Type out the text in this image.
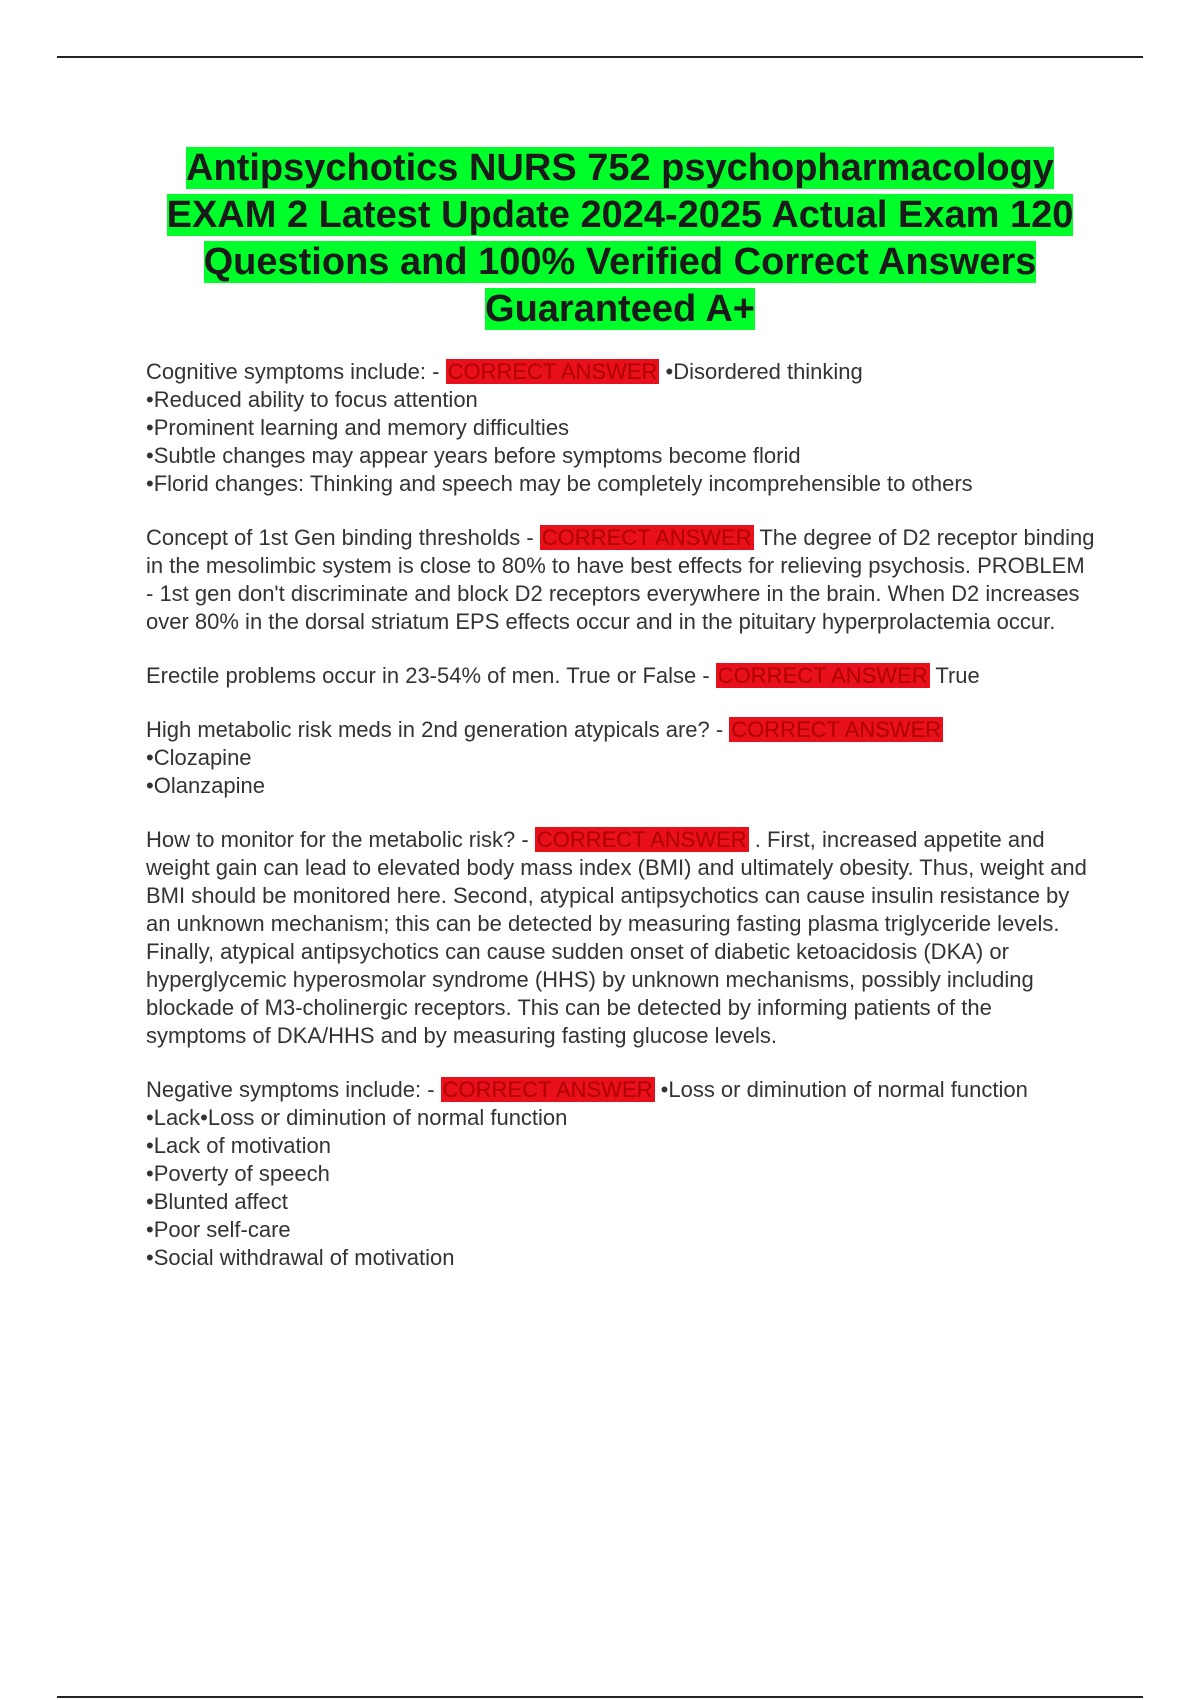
Antipsychotics NURS 752 psychopharmacology EXAM 2 Latest Update 2024-2025 Actual Exam 120 Questions and 100% Verified Correct Answers Guaranteed A+
Cognitive symptoms include: - CORRECT ANSWER •Disordered thinking
•Reduced ability to focus attention
•Prominent learning and memory difficulties
•Subtle changes may appear years before symptoms become florid
•Florid changes: Thinking and speech may be completely incomprehensible to others
Concept of 1st Gen binding thresholds - CORRECT ANSWER The degree of D2 receptor binding in the mesolimbic system is close to 80% to have best effects for relieving psychosis. PROBLEM - 1st gen don't discriminate and block D2 receptors everywhere in the brain. When D2 increases over 80% in the dorsal striatum EPS effects occur and in the pituitary hyperprolactemia occur.
Erectile problems occur in 23-54% of men. True or False - CORRECT ANSWER True
High metabolic risk meds in 2nd generation atypicals are? - CORRECT ANSWER
•Clozapine
•Olanzapine
How to monitor for the metabolic risk? - CORRECT ANSWER . First, increased appetite and weight gain can lead to elevated body mass index (BMI) and ultimately obesity. Thus, weight and BMI should be monitored here. Second, atypical antipsychotics can cause insulin resistance by an unknown mechanism; this can be detected by measuring fasting plasma triglyceride levels. Finally, atypical antipsychotics can cause sudden onset of diabetic ketoacidosis (DKA) or hyperglycemic hyperosmolar syndrome (HHS) by unknown mechanisms, possibly including blockade of M3-cholinergic receptors. This can be detected by informing patients of the symptoms of DKA/HHS and by measuring fasting glucose levels.
Negative symptoms include: - CORRECT ANSWER •Loss or diminution of normal function
•Lack•Loss or diminution of normal function
•Lack of motivation
•Poverty of speech
•Blunted affect
•Poor self-care
•Social withdrawal of motivation
